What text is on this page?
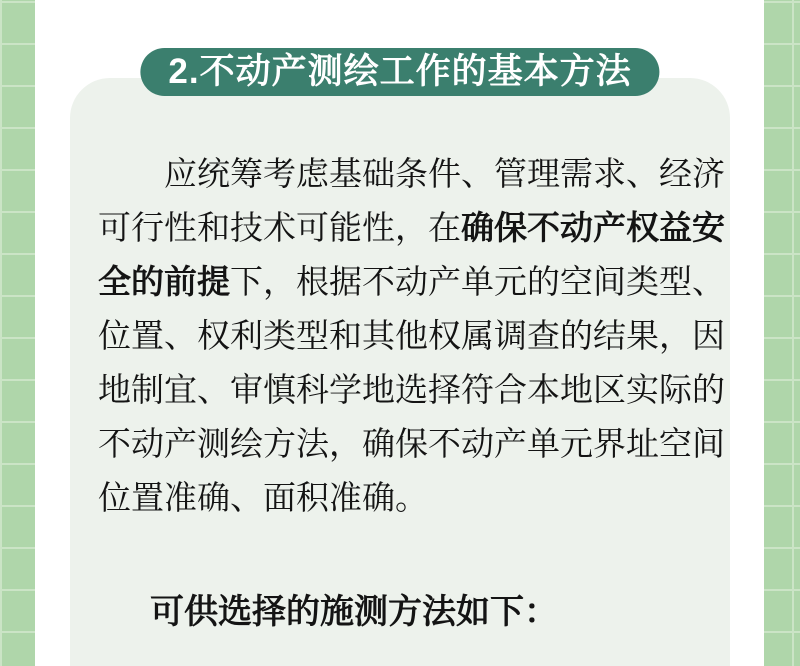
2.不动产测绘工作的基本方法
应统筹考虑基础条件、管理需求、经济
可行性和技术可能性，在确保不动产权益安
全的前提下，根据不动产单元的空间类型、
位置、权利类型和其他权属调查的结果，因
地制宜、审慎科学地选择符合本地区实际的
不动产测绘方法，确保不动产单元界址空间
位置准确、面积准确。
可供选择的施测方法如下：
